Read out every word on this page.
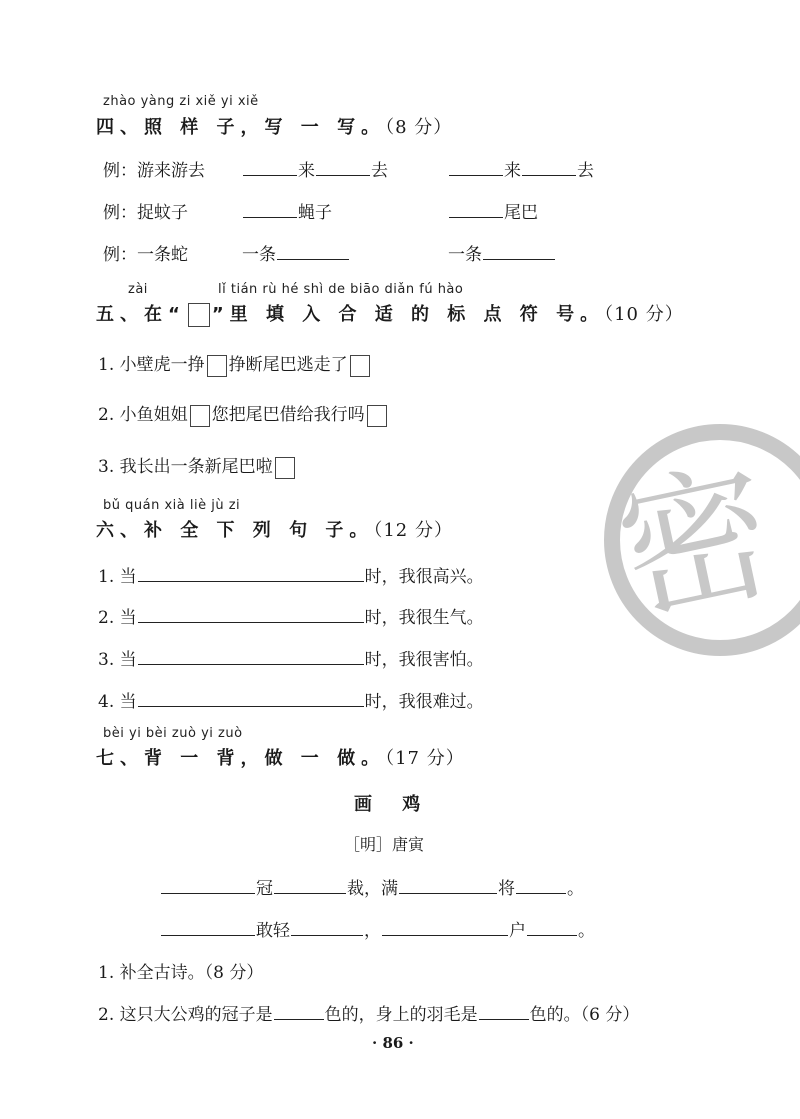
密
zhào yàng zi xiě yi xiě
四、照 样 子，写 一 写。（8 分）
例：游来游去	来	去	来	去
例：捉蚊子	蝇子	尾巴
例：一条蛇	一条	一条
zài	lǐ tián rù hé shì de biāo diǎn fú hào
五、在“ ”里 填 入 合 适 的 标 点 符 号。（10 分）
1. 小壁虎一挣 挣断尾巴逃走了
2. 小鱼姐姐 您把尾巴借给我行吗
3. 我长出一条新尾巴啦
bǔ quán xià liè jù zi
六、补 全 下 列 句 子。（12 分）
1. 当	时，我很高兴。
2. 当	时，我很生气。
3. 当	时，我很害怕。
4. 当	时，我很难过。
bèi yi bèi zuò yi zuò
七、背 一 背，做 一 做。（17 分）
画 鸡
［明］唐寅
冠	裁，满	将	。
敢轻	，	户	。
1. 补全古诗。（8 分）
2. 这只大公鸡的冠子是	色的，身上的羽毛是	色的。（6 分）
· 86 ·
